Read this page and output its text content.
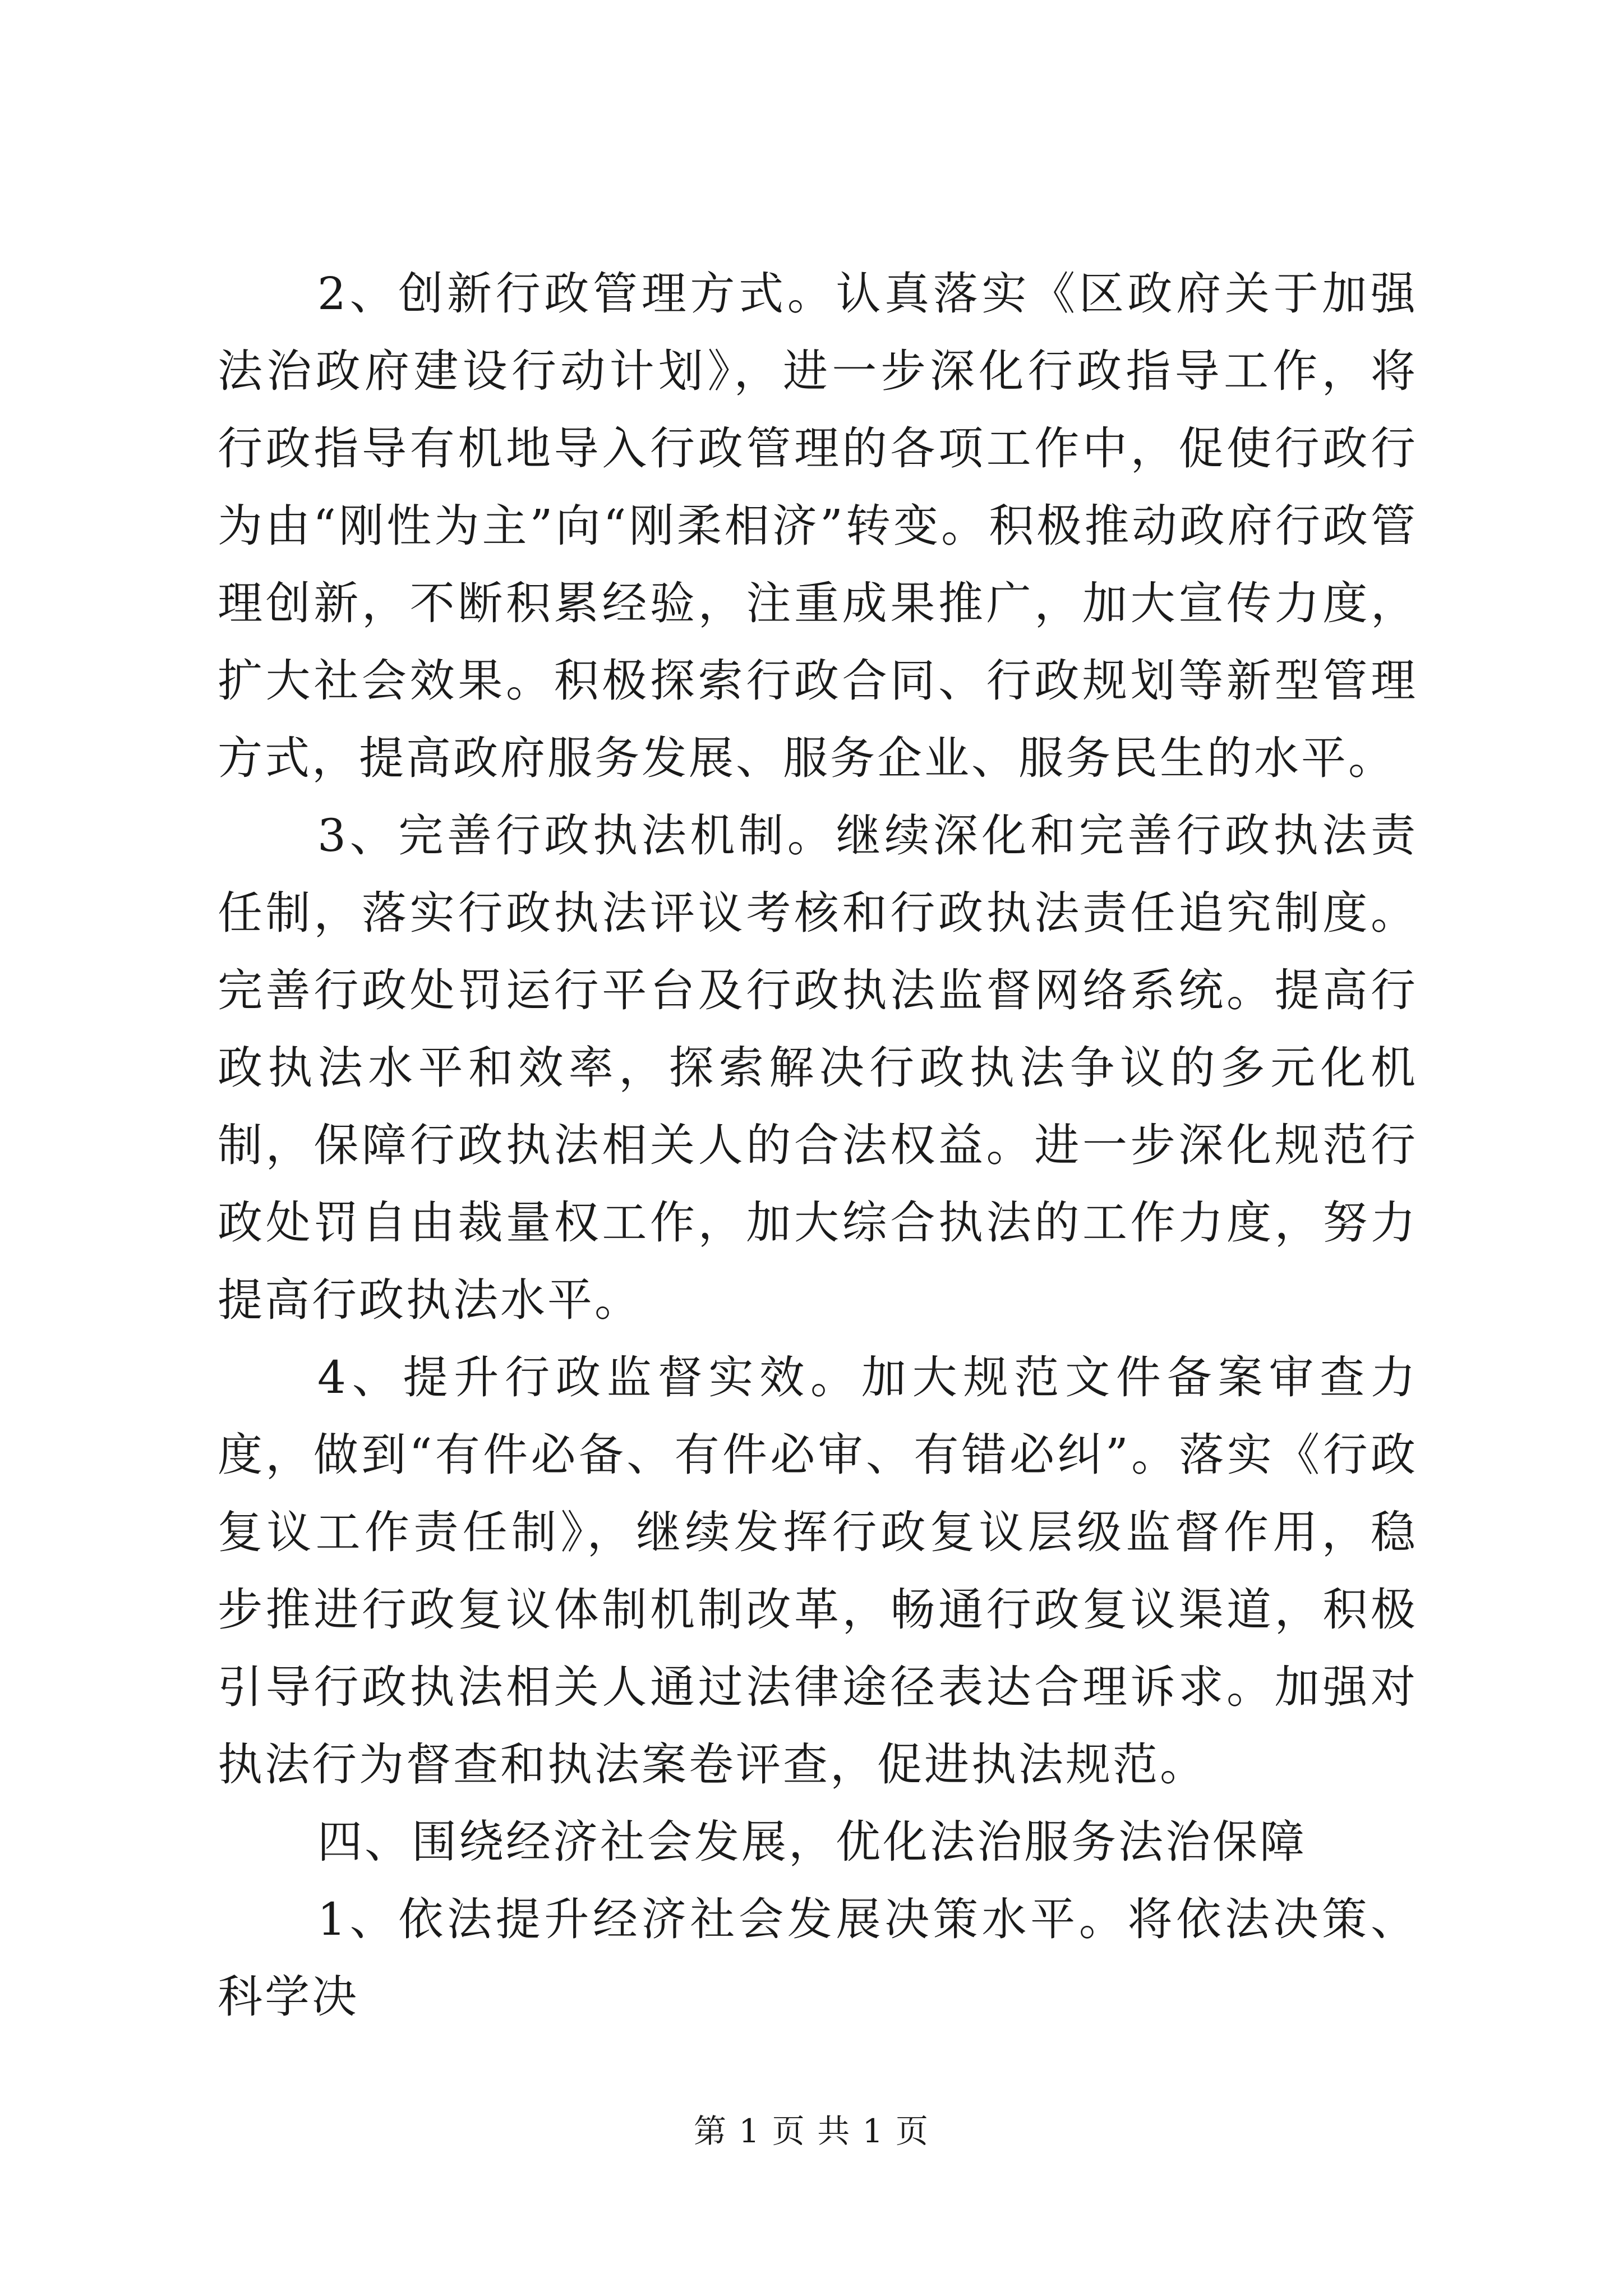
2、创新行政管理方式。认真落实《区政府关于加强法治政府建设行动计划》，进一步深化行政指导工作，将行政指导有机地导入行政管理的各项工作中，促使行政行为由“刚性为主”向“刚柔相济”转变。积极推动政府行政管理创新，不断积累经验，注重成果推广，加大宣传力度，扩大社会效果。积极探索行政合同、行政规划等新型管理方式，提高政府服务发展、服务企业、服务民生的水平。

3、完善行政执法机制。继续深化和完善行政执法责任制，落实行政执法评议考核和行政执法责任追究制度。完善行政处罚运行平台及行政执法监督网络系统。提高行政执法水平和效率，探索解决行政执法争议的多元化机制，保障行政执法相关人的合法权益。进一步深化规范行政处罚自由裁量权工作，加大综合执法的工作力度，努力提高行政执法水平。

4、提升行政监督实效。加大规范文件备案审查力度，做到“有件必备、有件必审、有错必纠”。落实《行政复议工作责任制》，继续发挥行政复议层级监督作用，稳步推进行政复议体制机制改革，畅通行政复议渠道，积极引导行政执法相关人通过法律途径表达合理诉求。加强对执法行为督查和执法案卷评查，促进执法规范。

四、围绕经济社会发展，优化法治服务法治保障

1、依法提升经济社会发展决策水平。将依法决策、科学决

第 1 页 共 1 页
